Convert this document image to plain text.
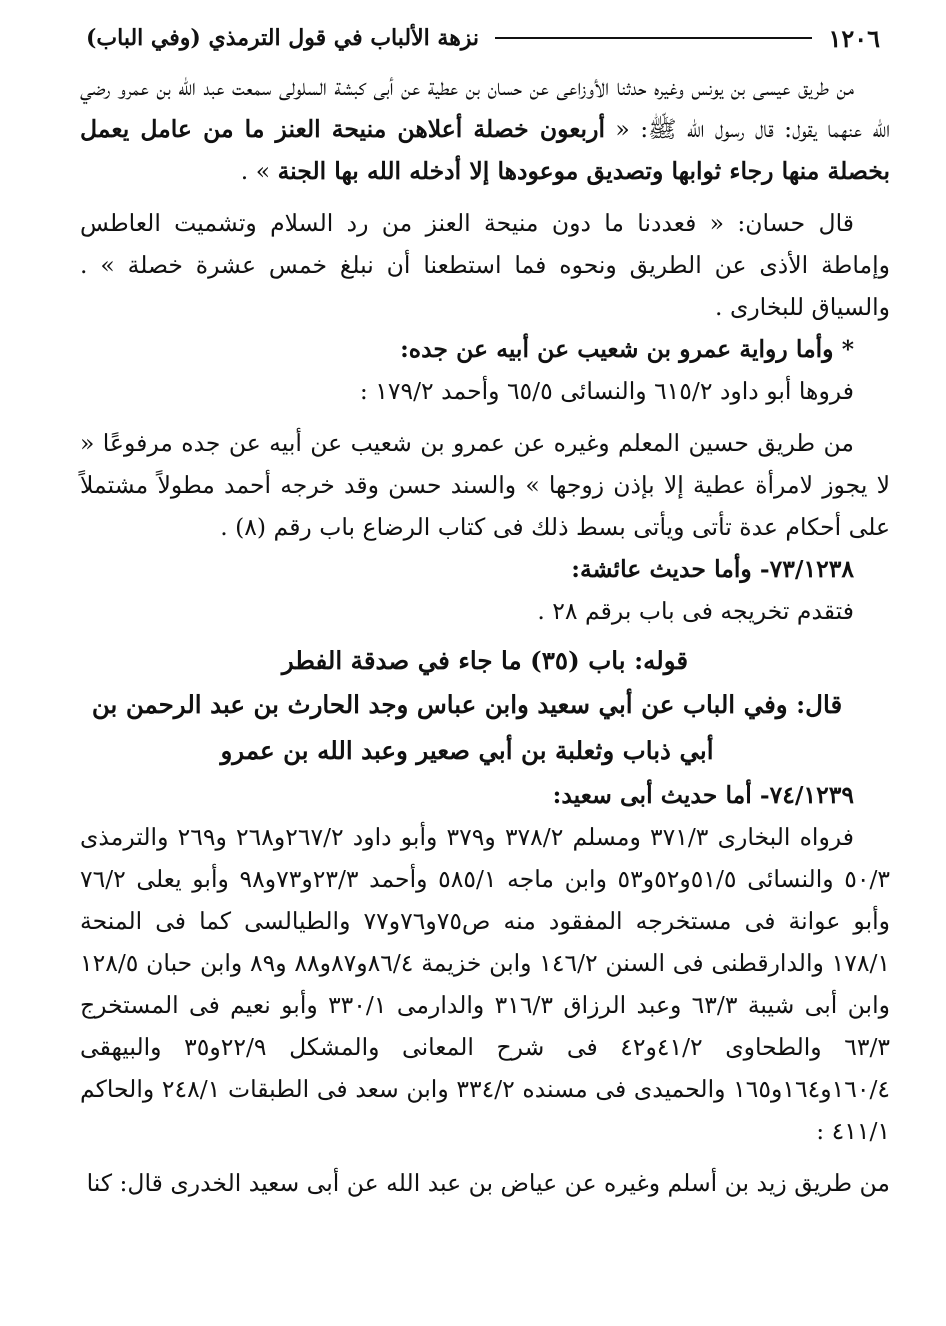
١٢٠٦
نزهة الألباب في قول الترمذي (وفي الباب)

من طريق عيسى بن يونس وغيره حدثنا الأوزاعى عن حسان بن عطية عن أبى كبشة السلولى سمعت عبد الله بن عمرو رضي الله عنهما يقول: قال رسول الله ﷺ: « أربعون خصلة أعلاهن منيحة العنز ما من عامل يعمل بخصلة منها رجاء ثوابها وتصديق موعودها إلا أدخله الله بها الجنة » .

قال حسان: « فعددنا ما دون منيحة العنز من رد السلام وتشميت العاطس وإماطة الأذى عن الطريق ونحوه فما استطعنا أن نبلغ خمس عشرة خصلة » . والسياق للبخارى .

* وأما رواية عمرو بن شعيب عن أبيه عن جده:

فروها أبو داود ٦١٥/٢ والنسائى ٦٥/٥ وأحمد ١٧٩/٢ :

من طريق حسين المعلم وغيره عن عمرو بن شعيب عن أبيه عن جده مرفوعًا « لا يجوز لامرأة عطية إلا بإذن زوجها » والسند حسن وقد خرجه أحمد مطولاً مشتملاً على أحكام عدة تأتى ويأتى بسط ذلك فى كتاب الرضاع باب رقم (٨) .

٧٣/١٢٣٨- وأما حديث عائشة:

فتقدم تخريجه فى باب برقم ٢٨ .

قوله: باب (٣٥) ما جاء في صدقة الفطر

قال: وفي الباب عن أبي سعيد وابن عباس وجد الحارث بن عبد الرحمن بن أبي ذباب وثعلبة بن أبي صعير وعبد الله بن عمرو

٧٤/١٢٣٩- أما حديث أبى سعيد:

فرواه البخارى ٣٧١/٣ ومسلم ٣٧٨/٢ و٣٧٩ وأبو داود ٢٦٧/٢و٢٦٨ و٢٦٩ والترمذى ٥٠/٣ والنسائى ٥١/٥و٥٢و٥٣ وابن ماجه ٥٨٥/١ وأحمد ٢٣/٣و٧٣و٩٨ وأبو يعلى ٧٦/٢ وأبو عوانة فى مستخرجه المفقود منه ص٧٥و٧٦و٧٧ والطيالسى كما فى المنحة ١٧٨/١ والدارقطنى فى السنن ١٤٦/٢ وابن خزيمة ٨٦/٤و٨٧و٨٨ و٨٩ وابن حبان ١٢٨/٥ وابن أبى شيبة ٦٣/٣ وعبد الرزاق ٣١٦/٣ والدارمى ٣٣٠/١ وأبو نعيم فى المستخرج ٦٣/٣ والطحاوى ٤١/٢و٤٢ فى شرح المعانى والمشكل ٢٢/٩و٣٥ والبيهقى ١٦٠/٤و١٦٤و١٦٥ والحميدى فى مسنده ٣٣٤/٢ وابن سعد فى الطبقات ٢٤٨/١ والحاكم ٤١١/١ :

من طريق زيد بن أسلم وغيره عن عياض بن عبد الله عن أبى سعيد الخدرى قال: كنا
